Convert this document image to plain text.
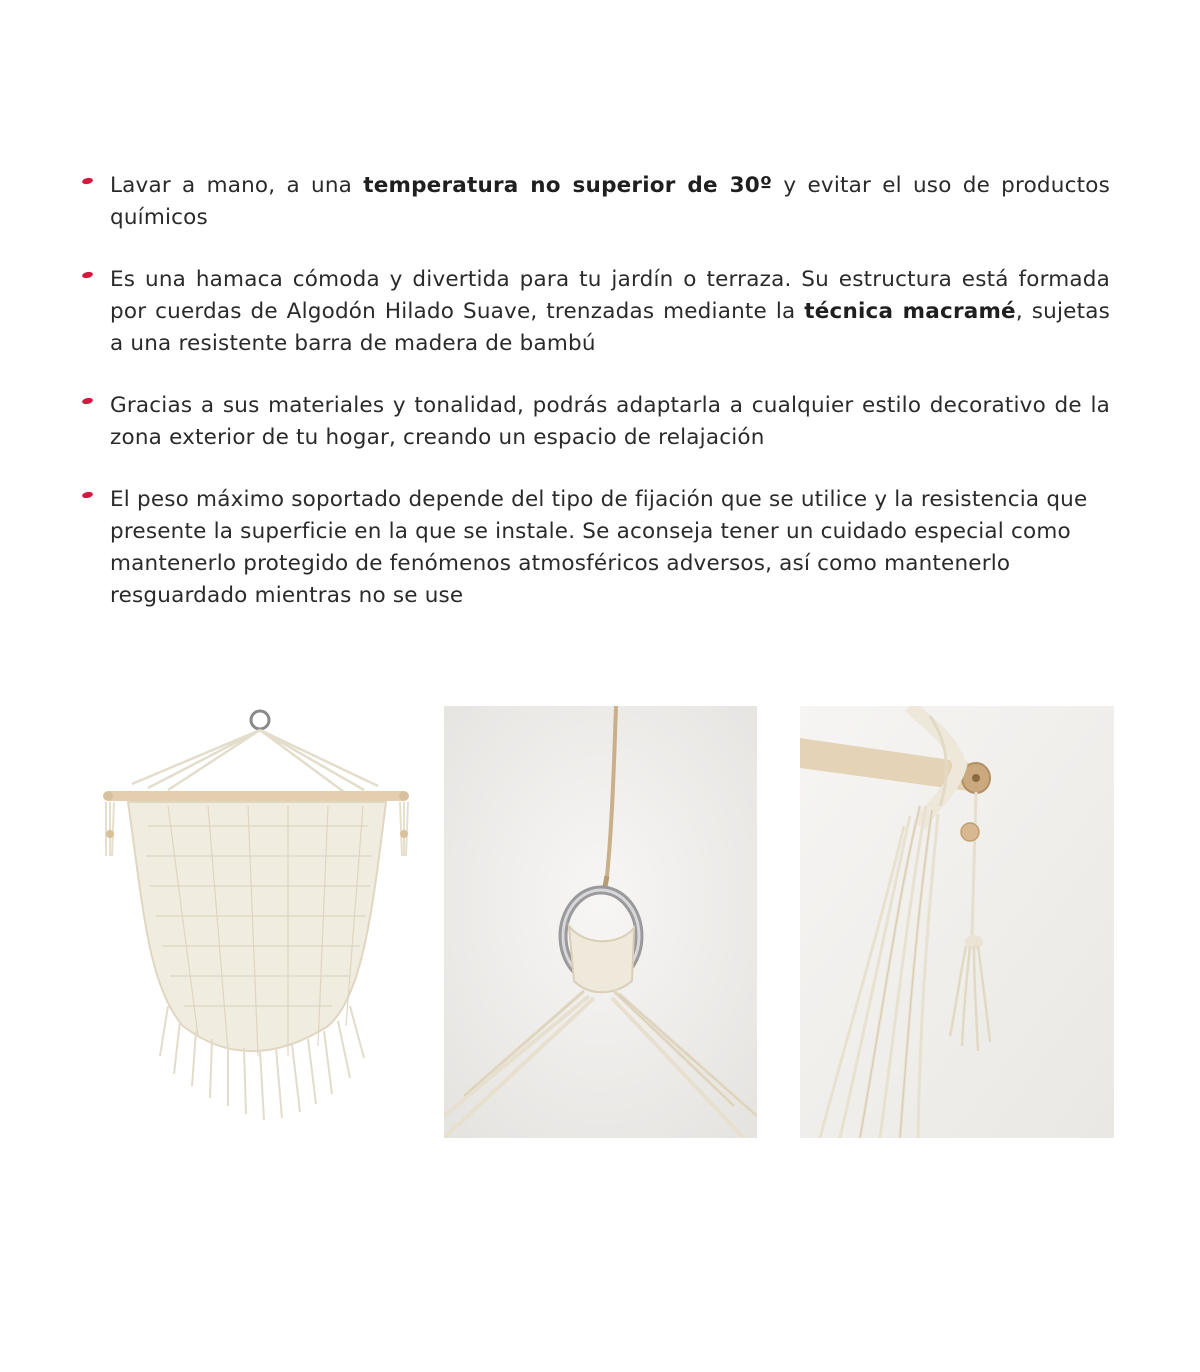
Lavar a mano, a una temperatura no superior de 30º y evitar el uso de productos químicos
Es una hamaca cómoda y divertida para tu jardín o terraza. Su estructura está formada por cuerdas de Algodón Hilado Suave, trenzadas mediante la técnica macramé, sujetas a una resistente barra de madera de bambú
Gracias a sus materiales y tonalidad, podrás adaptarla a cualquier estilo decorativo de la zona exterior de tu hogar, creando un espacio de relajación
El peso máximo soportado depende del tipo de fijación que se utilice y la resistencia que presente la superficie en la que se instale. Se aconseja tener un cuidado especial como mantenerlo protegido de fenómenos atmosféricos adversos, así como mantenerlo resguardado mientras no se use
